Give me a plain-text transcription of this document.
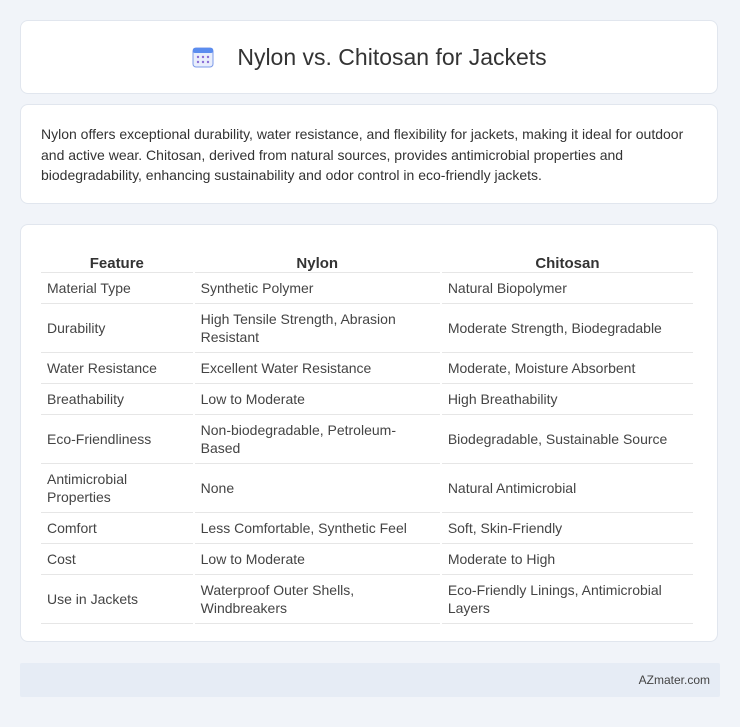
Nylon vs. Chitosan for Jackets

Nylon offers exceptional durability, water resistance, and flexibility for jackets, making it ideal for outdoor and active wear. Chitosan, derived from natural sources, provides antimicrobial properties and biodegradability, enhancing sustainability and odor control in eco-friendly jackets.

Feature	Nylon	Chitosan
Material Type	Synthetic Polymer	Natural Biopolymer
Durability	High Tensile Strength, Abrasion Resistant	Moderate Strength, Biodegradable
Water Resistance	Excellent Water Resistance	Moderate, Moisture Absorbent
Breathability	Low to Moderate	High Breathability
Eco-Friendliness	Non-biodegradable, Petroleum-Based	Biodegradable, Sustainable Source
Antimicrobial Properties	None	Natural Antimicrobial
Comfort	Less Comfortable, Synthetic Feel	Soft, Skin-Friendly
Cost	Low to Moderate	Moderate to High
Use in Jackets	Waterproof Outer Shells, Windbreakers	Eco-Friendly Linings, Antimicrobial Layers
AZmater.com
